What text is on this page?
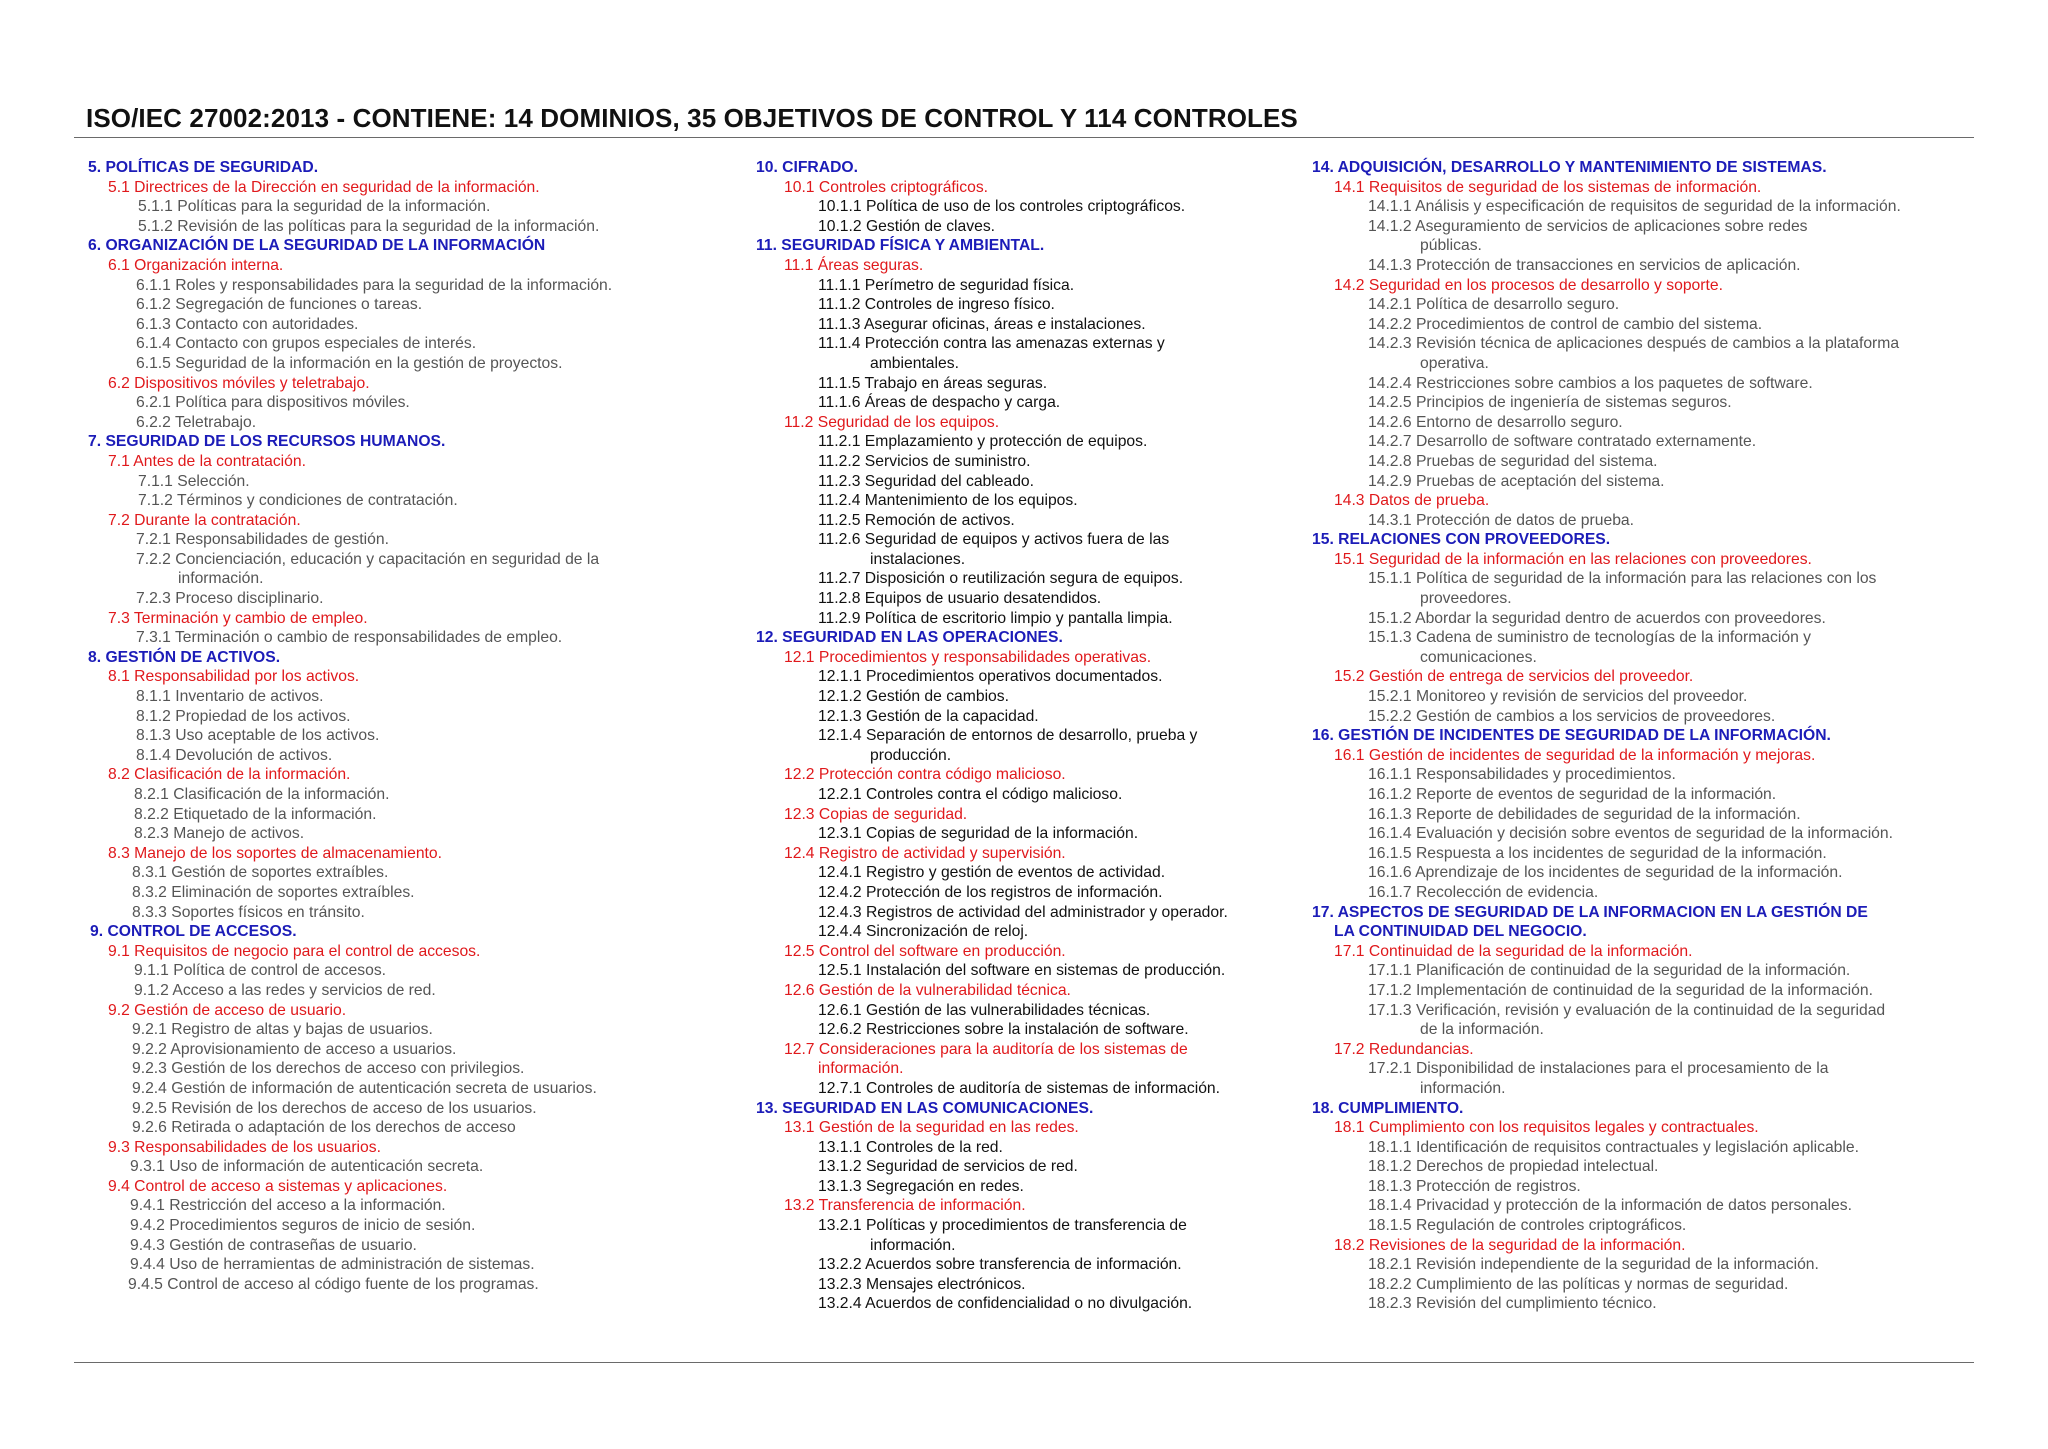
ISO/IEC 27002:2013 - CONTIENE: 14 DOMINIOS, 35 OBJETIVOS DE CONTROL Y 114 CONTROLES
5. POLÍTICAS DE SEGURIDAD.
5.1 Directrices de la Dirección en seguridad de la información.
5.1.1 Políticas para la seguridad de la información.
5.1.2 Revisión de las políticas para la seguridad de la información.
6. ORGANIZACIÓN DE LA SEGURIDAD DE LA INFORMACIÓN
6.1 Organización interna.
6.1.1 Roles y responsabilidades para la seguridad de la información.
6.1.2 Segregación de funciones o tareas.
6.1.3 Contacto con autoridades.
6.1.4 Contacto con grupos especiales de interés.
6.1.5 Seguridad de la información en la gestión de proyectos.
6.2 Dispositivos móviles y teletrabajo.
6.2.1 Política para dispositivos móviles.
6.2.2 Teletrabajo.
7. SEGURIDAD DE LOS RECURSOS HUMANOS.
7.1 Antes de la contratación.
7.1.1 Selección.
7.1.2 Términos y condiciones de contratación.
7.2 Durante la contratación.
7.2.1 Responsabilidades de gestión.
7.2.2 Concienciación, educación y capacitación en seguridad de la
información.
7.2.3 Proceso disciplinario.
7.3 Terminación y cambio de empleo.
7.3.1 Terminación o cambio de responsabilidades de empleo.
8. GESTIÓN DE ACTIVOS.
8.1 Responsabilidad por los activos.
8.1.1 Inventario de activos.
8.1.2 Propiedad de los activos.
8.1.3 Uso aceptable de los activos.
8.1.4 Devolución de activos.
8.2 Clasificación de la información.
8.2.1 Clasificación de la información.
8.2.2 Etiquetado de la información.
8.2.3 Manejo de activos.
8.3 Manejo de los soportes de almacenamiento.
8.3.1 Gestión de soportes extraíbles.
8.3.2 Eliminación de soportes extraíbles.
8.3.3 Soportes físicos en tránsito.
9. CONTROL DE ACCESOS.
9.1 Requisitos de negocio para el control de accesos.
9.1.1 Política de control de accesos.
9.1.2 Acceso a las redes y servicios de red.
9.2 Gestión de acceso de usuario.
9.2.1 Registro de altas y bajas de usuarios.
9.2.2 Aprovisionamiento de acceso a usuarios.
9.2.3 Gestión de los derechos de acceso con privilegios.
9.2.4 Gestión de información de autenticación secreta de usuarios.
9.2.5 Revisión de los derechos de acceso de los usuarios.
9.2.6 Retirada o adaptación de los derechos de acceso
9.3 Responsabilidades de los usuarios.
9.3.1 Uso de información de autenticación secreta.
9.4 Control de acceso a sistemas y aplicaciones.
9.4.1 Restricción del acceso a la información.
9.4.2 Procedimientos seguros de inicio de sesión.
9.4.3 Gestión de contraseñas de usuario.
9.4.4 Uso de herramientas de administración de sistemas.
9.4.5 Control de acceso al código fuente de los programas.
10. CIFRADO.
10.1 Controles criptográficos.
10.1.1 Política de uso de los controles criptográficos.
10.1.2 Gestión de claves.
11. SEGURIDAD FÍSICA Y AMBIENTAL.
11.1 Áreas seguras.
11.1.1 Perímetro de seguridad física.
11.1.2 Controles de ingreso físico.
11.1.3 Asegurar oficinas, áreas e instalaciones.
11.1.4 Protección contra las amenazas externas y
ambientales.
11.1.5 Trabajo en áreas seguras.
11.1.6 Áreas de despacho y carga.
11.2 Seguridad de los equipos.
11.2.1 Emplazamiento y protección de equipos.
11.2.2 Servicios de suministro.
11.2.3 Seguridad del cableado.
11.2.4 Mantenimiento de los equipos.
11.2.5 Remoción de activos.
11.2.6 Seguridad de equipos y activos fuera de las
instalaciones.
11.2.7 Disposición o reutilización segura de equipos.
11.2.8 Equipos de usuario desatendidos.
11.2.9 Política de escritorio limpio y pantalla limpia.
12. SEGURIDAD EN LAS OPERACIONES.
12.1 Procedimientos y responsabilidades operativas.
12.1.1 Procedimientos operativos documentados.
12.1.2 Gestión de cambios.
12.1.3 Gestión de la capacidad.
12.1.4 Separación de entornos de desarrollo, prueba y
producción.
12.2 Protección contra código malicioso.
12.2.1 Controles contra el código malicioso.
12.3 Copias de seguridad.
12.3.1 Copias de seguridad de la información.
12.4 Registro de actividad y supervisión.
12.4.1 Registro y gestión de eventos de actividad.
12.4.2 Protección de los registros de información.
12.4.3 Registros de actividad del administrador y operador.
12.4.4 Sincronización de reloj.
12.5 Control del software en producción.
12.5.1 Instalación del software en sistemas de producción.
12.6 Gestión de la vulnerabilidad técnica.
12.6.1 Gestión de las vulnerabilidades técnicas.
12.6.2 Restricciones sobre la instalación de software.
12.7 Consideraciones para la auditoría de los sistemas de
información.
12.7.1 Controles de auditoría de sistemas de información.
13. SEGURIDAD EN LAS COMUNICACIONES.
13.1 Gestión de la seguridad en las redes.
13.1.1 Controles de la red.
13.1.2 Seguridad de servicios de red.
13.1.3 Segregación en redes.
13.2 Transferencia de información.
13.2.1 Políticas y procedimientos de transferencia de
información.
13.2.2 Acuerdos sobre transferencia de información.
13.2.3 Mensajes electrónicos.
13.2.4 Acuerdos de confidencialidad o no divulgación.
14. ADQUISICIÓN, DESARROLLO Y MANTENIMIENTO DE SISTEMAS.
14.1 Requisitos de seguridad de los sistemas de información.
14.1.1 Análisis y especificación de requisitos de seguridad de la información.
14.1.2 Aseguramiento de servicios de aplicaciones sobre redes
públicas.
14.1.3 Protección de transacciones en servicios de aplicación.
14.2 Seguridad en los procesos de desarrollo y soporte.
14.2.1 Política de desarrollo seguro.
14.2.2 Procedimientos de control de cambio del sistema.
14.2.3 Revisión técnica de aplicaciones después de cambios a la plataforma
operativa.
14.2.4 Restricciones sobre cambios a los paquetes de software.
14.2.5 Principios de ingeniería de sistemas seguros.
14.2.6 Entorno de desarrollo seguro.
14.2.7 Desarrollo de software contratado externamente.
14.2.8 Pruebas de seguridad del sistema.
14.2.9 Pruebas de aceptación del sistema.
14.3 Datos de prueba.
14.3.1 Protección de datos de prueba.
15. RELACIONES CON PROVEEDORES.
15.1 Seguridad de la información en las relaciones con proveedores.
15.1.1 Política de seguridad de la información para las relaciones con los
proveedores.
15.1.2 Abordar la seguridad dentro de acuerdos con proveedores.
15.1.3 Cadena de suministro de tecnologías de la información y
comunicaciones.
15.2 Gestión de entrega de servicios del proveedor.
15.2.1 Monitoreo y revisión de servicios del proveedor.
15.2.2 Gestión de cambios a los servicios de proveedores.
16. GESTIÓN DE INCIDENTES DE SEGURIDAD DE LA INFORMACIÓN.
16.1 Gestión de incidentes de seguridad de la información y mejoras.
16.1.1 Responsabilidades y procedimientos.
16.1.2 Reporte de eventos de seguridad de la información.
16.1.3 Reporte de debilidades de seguridad de la información.
16.1.4 Evaluación y decisión sobre eventos de seguridad de la información.
16.1.5 Respuesta a los incidentes de seguridad de la información.
16.1.6 Aprendizaje de los incidentes de seguridad de la información.
16.1.7 Recolección de evidencia.
17. ASPECTOS DE SEGURIDAD DE LA INFORMACION EN LA GESTIÓN DE
LA CONTINUIDAD DEL NEGOCIO.
17.1 Continuidad de la seguridad de la información.
17.1.1 Planificación de continuidad de la seguridad de la información.
17.1.2 Implementación de continuidad de la seguridad de la información.
17.1.3 Verificación, revisión y evaluación de la continuidad de la seguridad
de la información.
17.2 Redundancias.
17.2.1 Disponibilidad de instalaciones para el procesamiento de la
información.
18. CUMPLIMIENTO.
18.1 Cumplimiento con los requisitos legales y contractuales.
18.1.1 Identificación de requisitos contractuales y legislación aplicable.
18.1.2 Derechos de propiedad intelectual.
18.1.3 Protección de registros.
18.1.4 Privacidad y protección de la información de datos personales.
18.1.5 Regulación de controles criptográficos.
18.2 Revisiones de la seguridad de la información.
18.2.1 Revisión independiente de la seguridad de la información.
18.2.2 Cumplimiento de las políticas y normas de seguridad.
18.2.3 Revisión del cumplimiento técnico.
